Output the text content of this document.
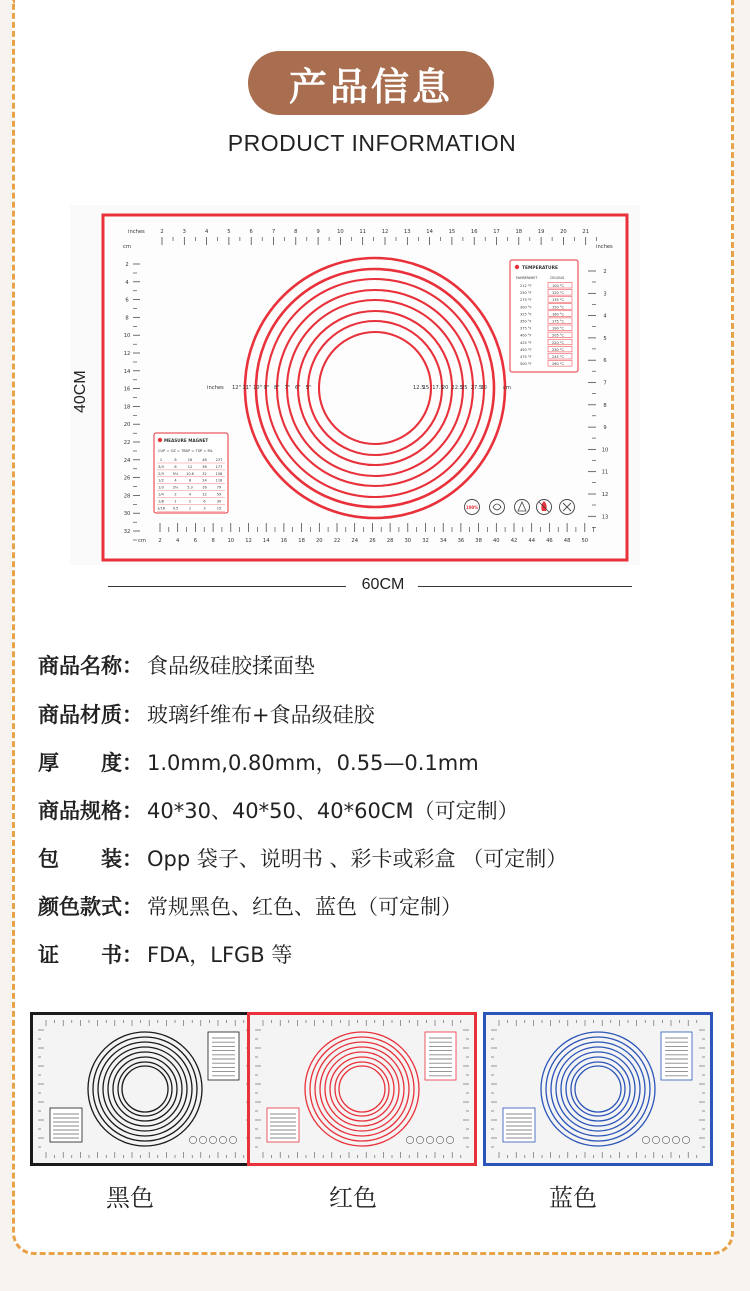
产品信息
PRODUCT INFORMATION
inches	2	3	4	5	6	7	8	9	10	11	12	13	14	15	16	17	18	19	20	21
cm
2
4
6
8
10
12
14
16
18
20
22
24
26
28
30
32
inches
2
3
4
5
6
7
8
9
10
11
12
13
cm 2	4	6	8 10 12 14 16 18 20 22 24 26 28 30 32 34 36 38 40 42 44 46 48 50
inches 12" 11" 10" 9" 8" 7" 6" 5"	12.5
15 17.5
20 22.5
25 27.5
30	cm
TEMPERATURE
FAHRENHEIT	CELSIUS
212 °F	100 °C
250 °F	120 °C
275 °F	135 °C
300 °F	150 °C
325 °F	160 °C
350 °F	175 °C
375 °F	190 °C
400 °F	205 °C
425 °F	220 °C
450 °F	230 °C
475 °F	245 °C
500 °F	260 °C
MEASURE MAGNET
CUP = OZ = TBSP = TSP = ML
1	8	16	48	237
3/4	6	12	36	177
2/3	5⅓ 10.6 32	158
1/2	4	8	24	118
1/3	2⅔	5.3	16	79
1/4	2	4	12	59
1/8	1	2	6	30
1/16 0.5	1	3	15	100%
40CM
60CM
商品名称： 食品级硅胶揉面垫
商品材质： 玻璃纤维布+食品级硅胶
厚　　度： 1.0mm,0.80mm，0.55—0.1mm
商品规格： 40*30、40*50、40*60CM（可定制）
包　　装： Opp 袋子、说明书 、彩卡或彩盒 （可定制）
颜色款式： 常规黑色、红色、蓝色（可定制）
证　　书： FDA，LFGB 等
黑色	红色	蓝色
